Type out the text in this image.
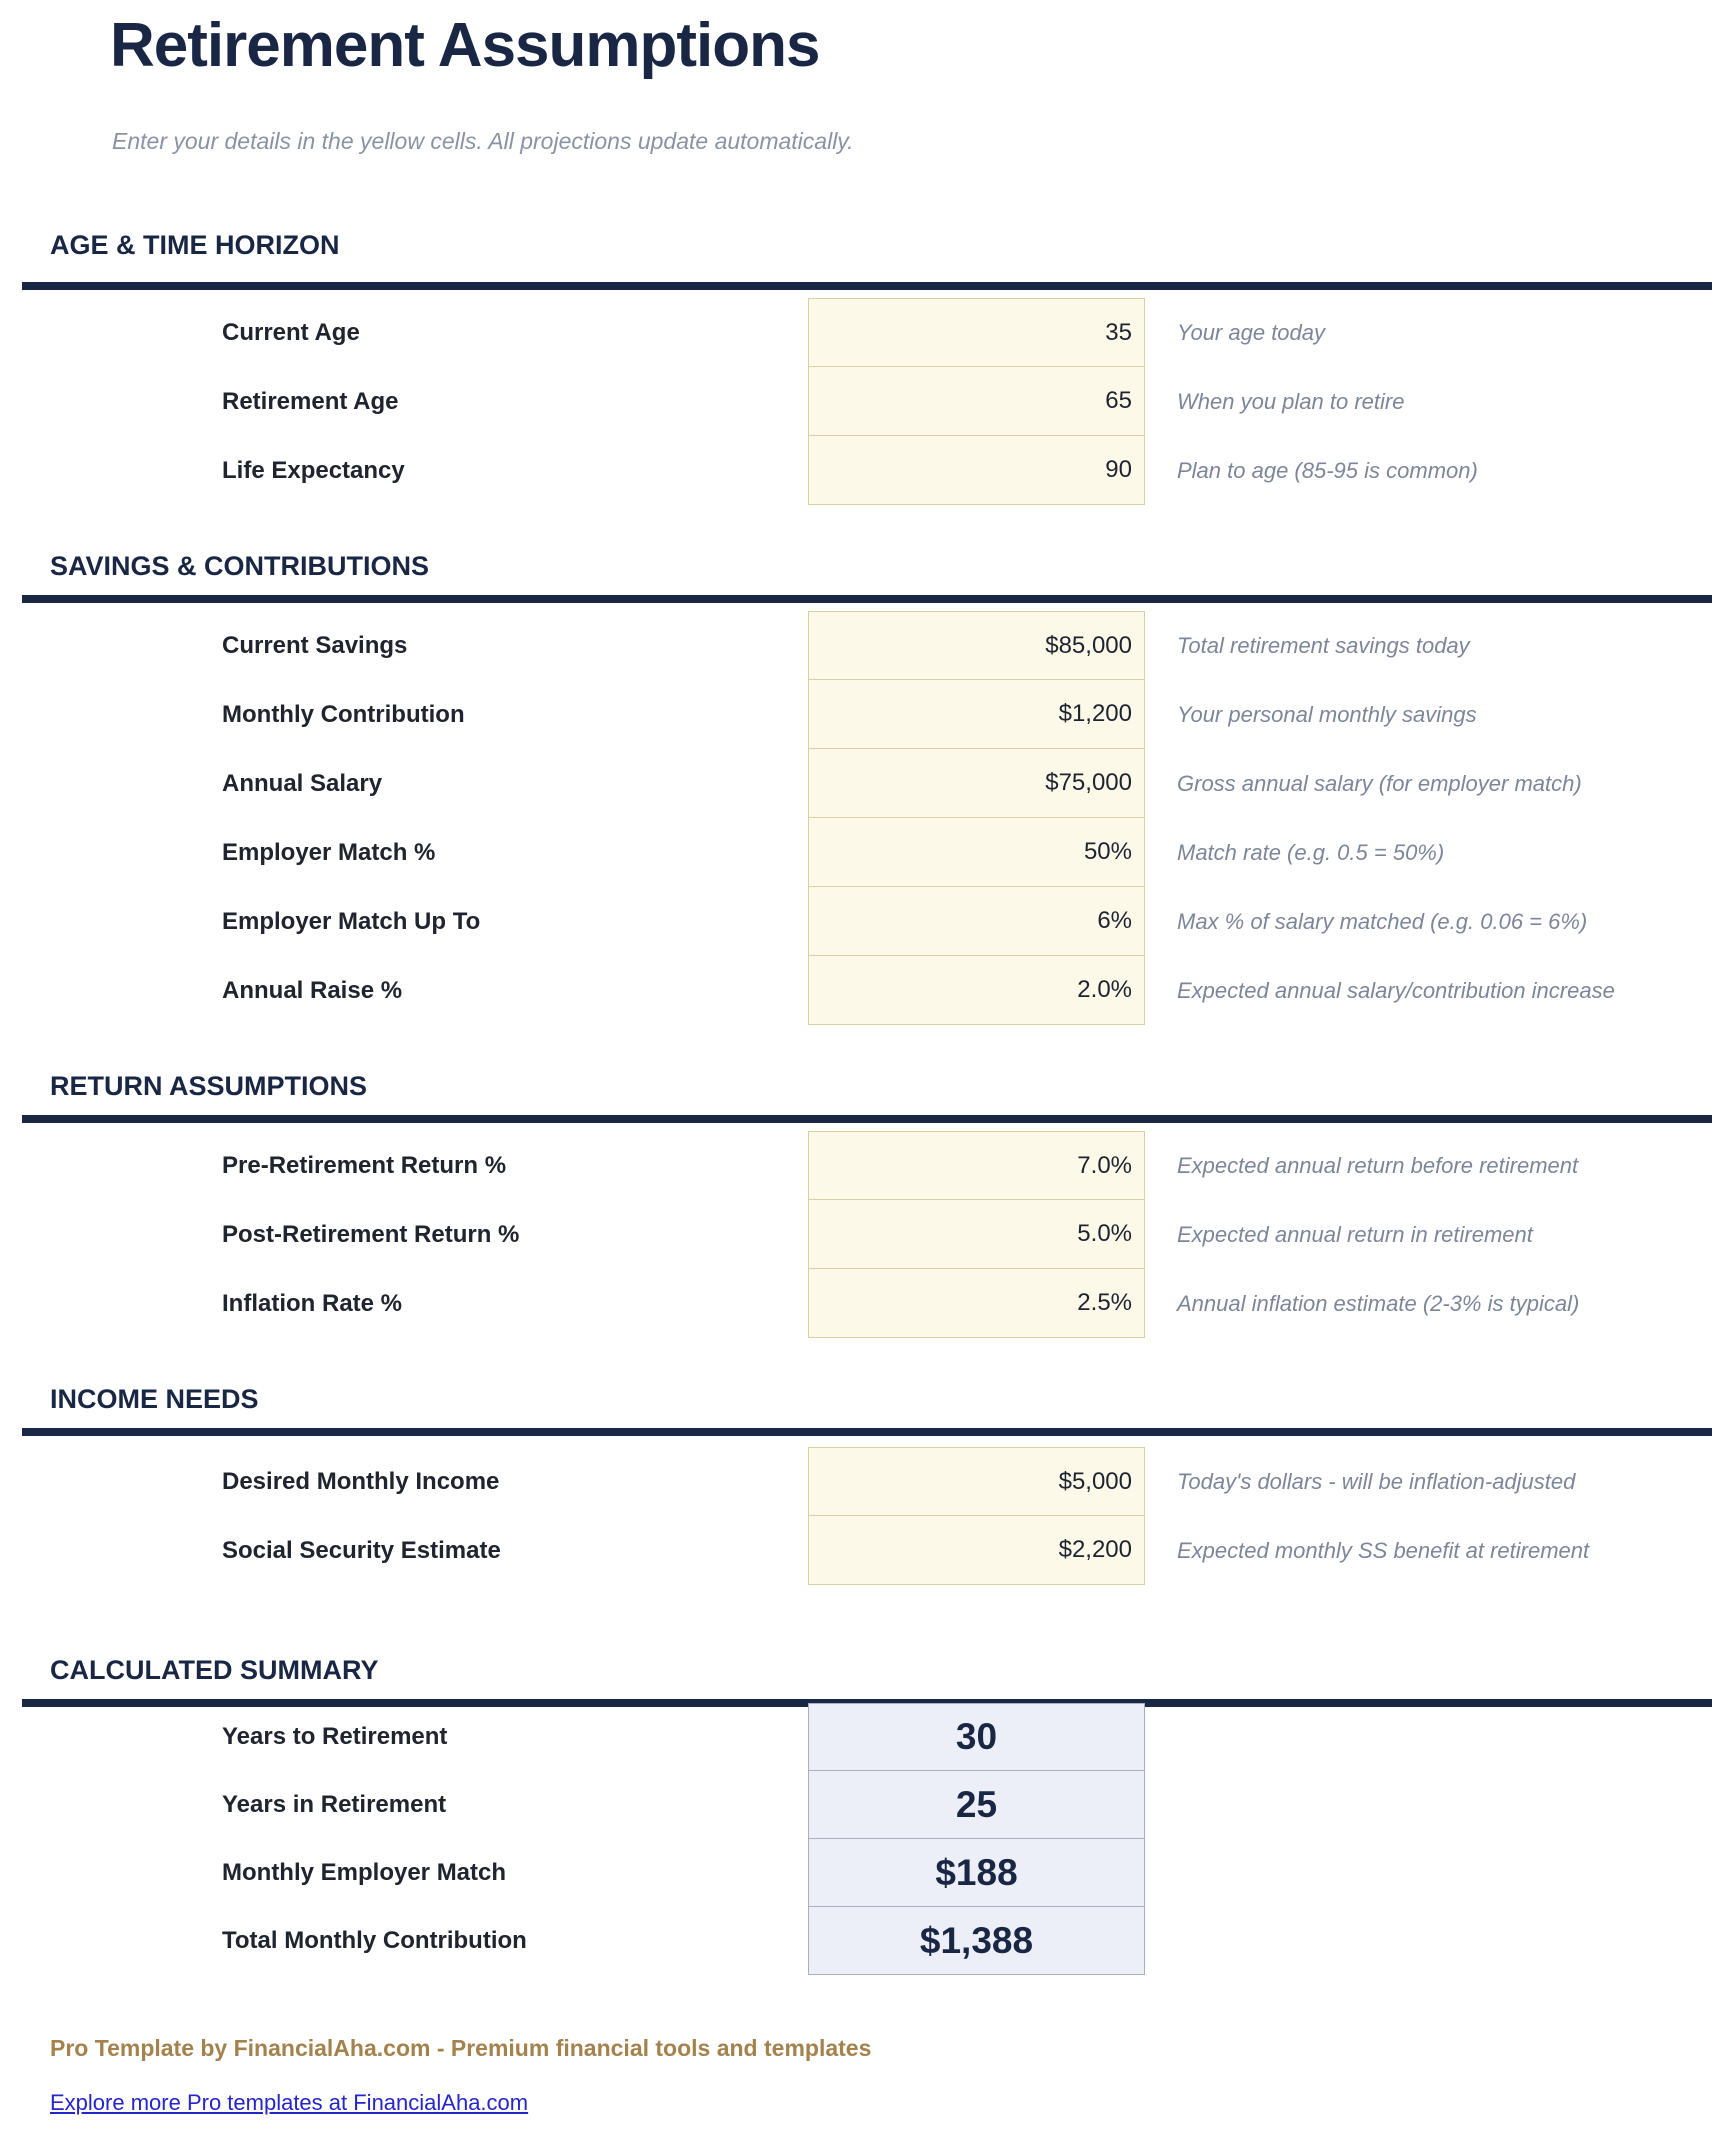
Retirement Assumptions
Enter your details in the yellow cells. All projections update automatically.
AGE & TIME HORIZON
Current Age	35	Your age today
Retirement Age	65	When you plan to retire
Life Expectancy	90	Plan to age (85-95 is common)
SAVINGS & CONTRIBUTIONS
Current Savings	$85,000	Total retirement savings today
Monthly Contribution	$1,200	Your personal monthly savings
Annual Salary	$75,000	Gross annual salary (for employer match)
Employer Match %	50%	Match rate (e.g. 0.5 = 50%)
Employer Match Up To	6%	Max % of salary matched (e.g. 0.06 = 6%)
Annual Raise %	2.0%	Expected annual salary/contribution increase
RETURN ASSUMPTIONS
Pre-Retirement Return %	7.0%	Expected annual return before retirement
Post-Retirement Return %	5.0%	Expected annual return in retirement
Inflation Rate %	2.5%	Annual inflation estimate (2-3% is typical)
INCOME NEEDS
Desired Monthly Income	$5,000	Today's dollars - will be inflation-adjusted
Social Security Estimate	$2,200	Expected monthly SS benefit at retirement
CALCULATED SUMMARY
Years to Retirement	30
Years in Retirement	25
Monthly Employer Match	$188
Total Monthly Contribution	$1,388
Pro Template by FinancialAha.com - Premium financial tools and templates
Explore more Pro templates at FinancialAha.com
